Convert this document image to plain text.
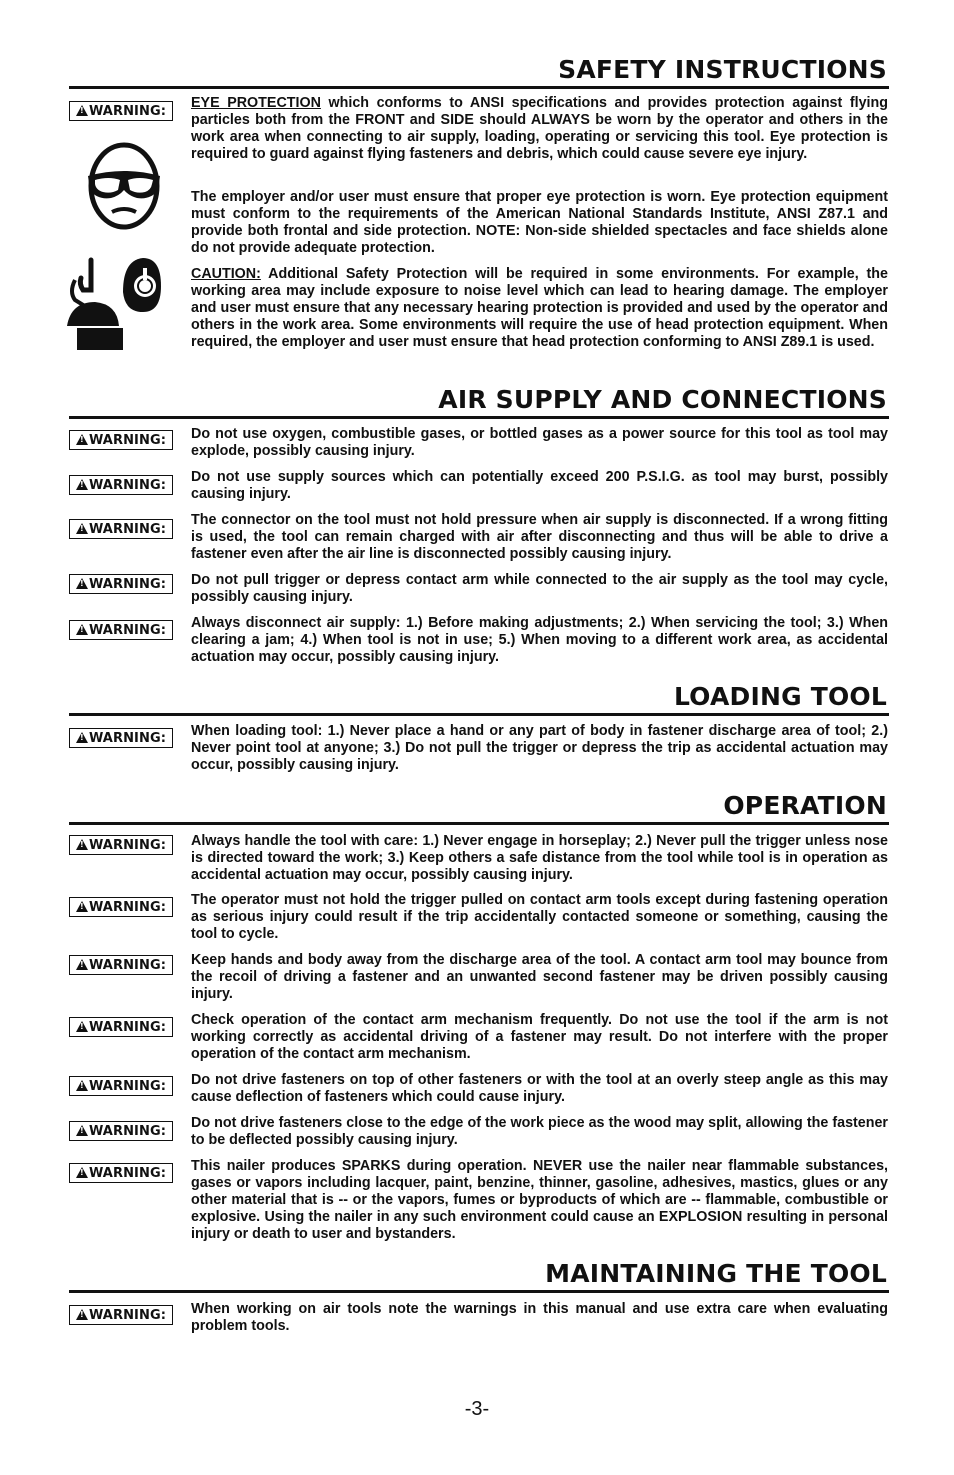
SAFETY INSTRUCTIONS
!
WARNING: EYE PROTECTION which conforms to ANSI specifications and provides protection against flying particles both from the FRONT and SIDE should ALWAYS be worn by the operator and others in the work area when connecting to air supply, loading, operating or servicing this tool. Eye protection is required to guard against flying fasteners and debris, which could cause severe eye injury.

The employer and/or user must ensure that proper eye protection is worn. Eye protection equipment must conform to the requirements of the American National Standards Institute, ANSI Z87.1 and provide both frontal and side protection. NOTE: Non-side shielded spectacles and face shields alone do not provide adequate protection.

CAUTION: Additional Safety Protection will be required in some environments. For example, the working area may include exposure to noise level which can lead to hearing damage. The employer and user must ensure that any necessary hearing protection is provided and used by the operator and others in the work area. Some environments will require the use of head protection equipment. When required, the employer and user must ensure that head protection conforming to ANSI Z89.1 is used.

AIR SUPPLY AND CONNECTIONS
!
WARNING: Do not use oxygen, combustible gases, or bottled gases as a power source for this tool as tool may explode, possibly causing injury.

!
WARNING: Do not use supply sources which can potentially exceed 200 P.S.I.G. as tool may burst, possibly causing injury.

!
WARNING:

The connector on the tool must not hold pressure when air supply is disconnected. If a wrong fitting is used, the tool can remain charged with air after disconnecting and thus will be able to drive a fastener even after the air line is disconnected possibly causing injury.

!
WARNING: Do not pull trigger or depress contact arm while connected to the air supply as the tool may cycle, possibly causing injury.

!
WARNING: Always disconnect air supply: 1.) Before making adjustments; 2.) When servicing the tool; 3.) When clearing a jam; 4.) When tool is not in use; 5.) When moving to a different work area, as accidental actuation may occur, possibly causing injury.

LOADING TOOL
!
WARNING: When loading tool: 1.) Never place a hand or any part of body in fastener discharge area of tool; 2.) Never point tool at anyone; 3.) Do not pull the trigger or depress the trip as accidental actuation may occur, possibly causing injury.

OPERATION
!
WARNING: Always handle the tool with care: 1.) Never engage in horseplay; 2.) Never pull the trigger unless nose is directed toward the work; 3.) Keep others a safe distance from the tool while tool is in operation as accidental actuation may occur, possibly causing injury.

!
WARNING: The operator must not hold the trigger pulled on contact arm tools except during fastening operation as serious injury could result if the trip accidentally contacted someone or something, causing the tool to cycle.

!
WARNING: Keep hands and body away from the discharge area of the tool. A contact arm tool may bounce from the recoil of driving a fastener and an unwanted second fastener may be driven possibly causing injury.

!
WARNING: Check operation of the contact arm mechanism frequently. Do not use the tool if the arm is not working correctly as accidental driving of a fastener may result. Do not interfere with the proper operation of the contact arm mechanism.

!
WARNING: Do not drive fasteners on top of other fasteners or with the tool at an overly steep angle as this may cause deflection of fasteners which could cause injury.

!
WARNING: Do not drive fasteners close to the edge of the work piece as the wood may split, allowing the fastener to be deflected possibly causing injury.

!
WARNING: This nailer produces SPARKS during operation. NEVER use the nailer near flammable substances, gases or vapors including lacquer, paint, benzine, thinner, gasoline, adhesives, mastics, glues or any other material that is -- or the vapors, fumes or byproducts of which are -- flammable, combustible or explosive. Using the nailer in any such environment could cause an EXPLOSION resulting in personal injury or death to user and bystanders.

MAINTAINING THE TOOL
!
WARNING: When working on air tools note the warnings in this manual and use extra care when evaluating problem tools.

-3-
